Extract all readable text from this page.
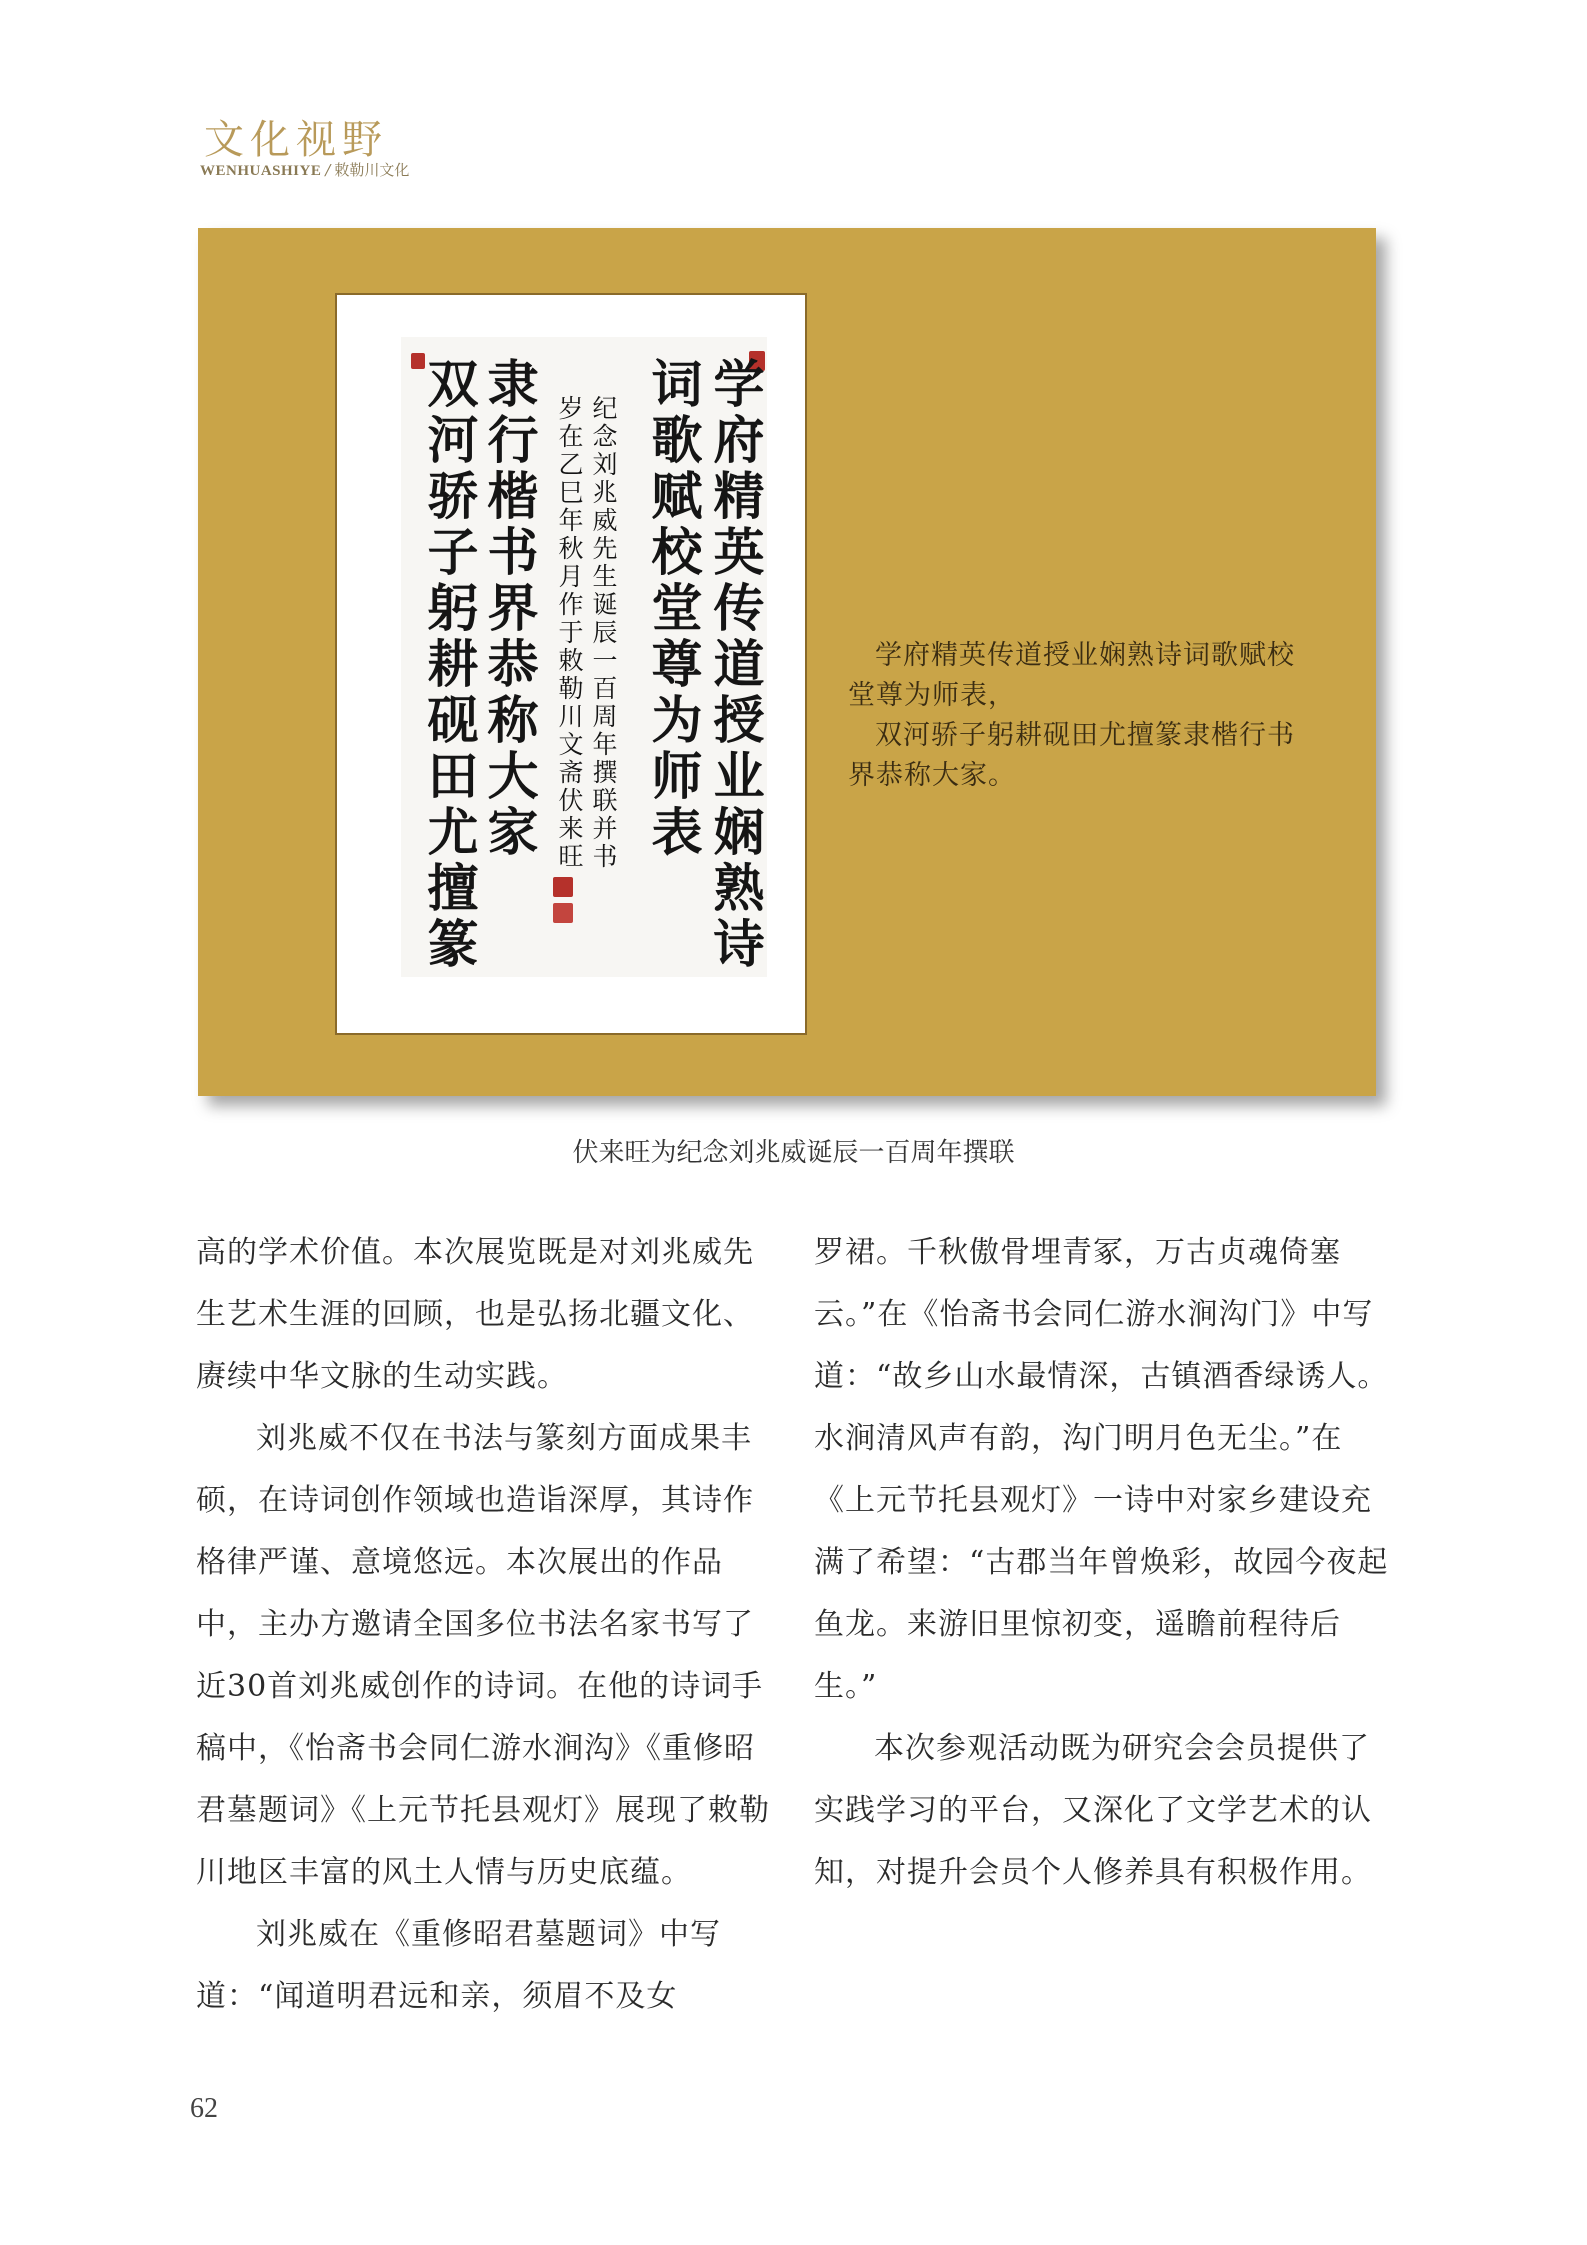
文化视野
WENHUASHIYE / 敕勒川文化
学府精英传道授业娴熟诗
词歌赋校堂尊为师表
纪念刘兆威先生诞辰一百周年撰联并书
岁在乙巳年秋月作于敕勒川文斋伏来旺
隶行楷书界恭称大家
双河骄子躬耕砚田尤擅篆	学府精英传道授业娴熟诗词歌赋校堂尊为师表，

双河骄子躬耕砚田尤擅篆隶楷行书界恭称大家。

伏来旺为纪念刘兆威诞辰一百周年撰联

高的学术价值。本次展览既是对刘兆威先生艺术生涯的回顾，也是弘扬北疆文化、赓续中华文脉的生动实践。

刘兆威不仅在书法与篆刻方面成果丰硕，在诗词创作领域也造诣深厚，其诗作格律严谨、意境悠远。本次展出的作品中，主办方邀请全国多位书法名家书写了近30首刘兆威创作的诗词。在他的诗词手稿中，《怡斋书会同仁游水涧沟》《重修昭君墓题词》《上元节托县观灯》展现了敕勒川地区丰富的风土人情与历史底蕴。

刘兆威在《重修昭君墓题词》中写道：“闻道明君远和亲，须眉不及女

罗裙。千秋傲骨埋青冢，万古贞魂倚塞云。”在《怡斋书会同仁游水涧沟门》中写道：“故乡山水最情深，古镇酒香绿诱人。水涧清风声有韵，沟门明月色无尘。”在《上元节托县观灯》一诗中对家乡建设充满了希望：“古郡当年曾焕彩，故园今夜起鱼龙。来游旧里惊初变，遥瞻前程待后生。”

本次参观活动既为研究会会员提供了实践学习的平台，又深化了文学艺术的认知，对提升会员个人修养具有积极作用。

62
